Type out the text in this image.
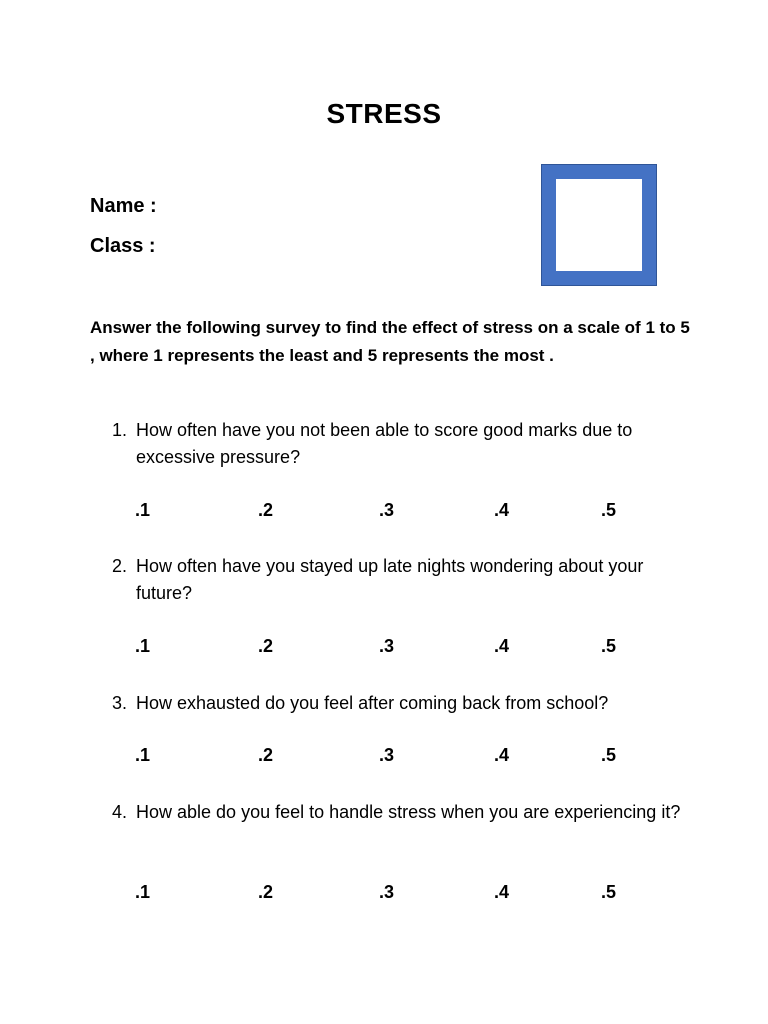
STRESS
Name :
Class :
Answer the following survey to find the effect of stress on a scale of 1 to 5 , where 1 represents the least and 5 represents the most .
1. How often have you not been able to score good marks due to excessive pressure?
.1	.2	.3	.4	.5
2. How often have you stayed up late nights wondering about your future?
.1	.2	.3	.4	.5
3. How exhausted do you feel after coming back from school?
.1	.2	.3	.4	.5
4. How able do you feel to handle stress when you are experiencing it?
.1	.2	.3	.4	.5
